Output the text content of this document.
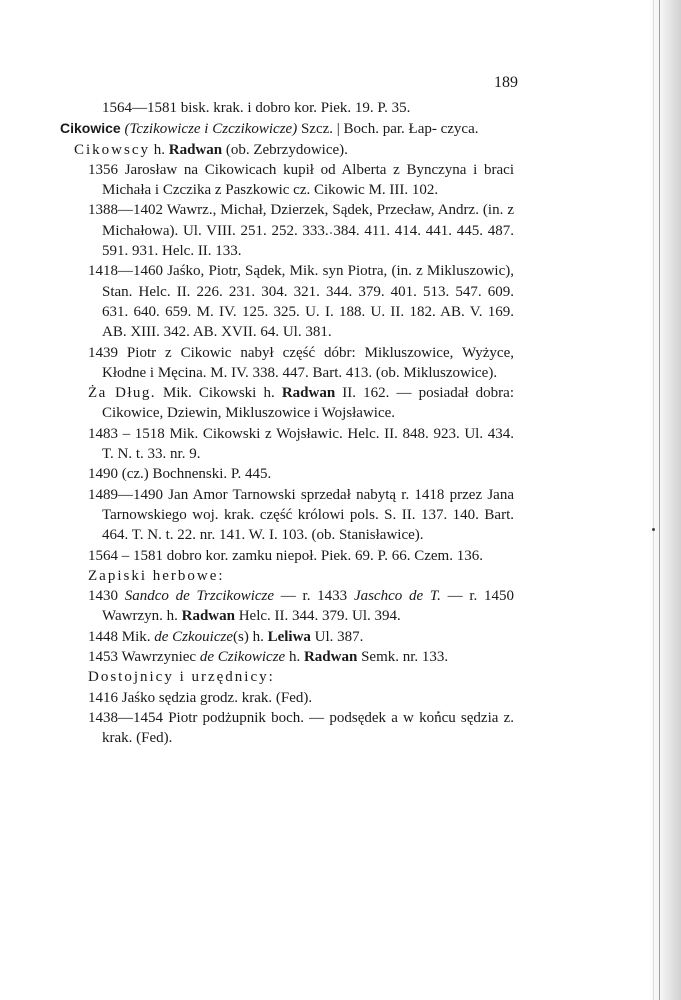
189
1564—1581 bisk. krak. i dobro kor. Piek. 19. P. 35.
Cikowice (Tczikowicze i Czczikowicze) Szcz. | Boch. par. Łap- czyca.
Cikowscy h. Radwan (ob. Zebrzydowice).
1356 Jarosław na Cikowicach kupił od Alberta z Bynczyna i braci Michała i Czczika z Paszkowic cz. Cikowic M. III. 102.
1388—1402 Wawrz., Michał, Dzierzek, Sądek, Przecław, Andrz. (in. z Michałowa). Ul. VIII. 251. 252. 333. 384. 411. 414. 441. 445. 487. 591. 931. Helc. II. 133.
1418—1460 Jaśko, Piotr, Sądek, Mik. syn Piotra, (in. z Mikluszowic), Stan. Helc. II. 226. 231. 304. 321. 344. 379. 401. 513. 547. 609. 631. 640. 659. M. IV. 125. 325. U. I. 188. U. II. 182. AB. V. 169. AB. XIII. 342. AB. XVII. 64. Ul. 381.
1439 Piotr z Cikowic nabył część dóbr: Mikluszowice, Wyżyce, Kłodne i Męcina. M. IV. 338. 447. Bart. 413. (ob. Mikluszowice).
Ża Dług. Mik. Cikowski h. Radwan II. 162. — posiadał dobra: Cikowice, Dziewin, Mikluszowice i Wojsławice.
1483 – 1518 Mik. Cikowski z Wojsławic. Helc. II. 848. 923. Ul. 434. T. N. t. 33. nr. 9.
1490 (cz.) Bochnenski. P. 445.
1489—1490 Jan Amor Tarnowski sprzedał nabytą r. 1418 przez Jana Tarnowskiego woj. krak. część królowi pols. S. II. 137. 140. Bart. 464. T. N. t. 22. nr. 141. W. I. 103. (ob. Stanisławice).
1564 – 1581 dobro kor. zamku niepoł. Piek. 69. P. 66. Czem. 136.
Zapiski herbowe:
1430 Sandco de Trzcikowicze — r. 1433 Jaschco de T. — r. 1450 Wawrzyn. h. Radwan Helc. II. 344. 379. Ul. 394.
1448 Mik. de Czkouicze(s) h. Leliwa Ul. 387.
1453 Wawrzyniec de Czikowicze h. Radwan Semk. nr. 133.
Dostojnicy i urzędnicy:
1416 Jaśko sędzia grodz. krak. (Fed).
1438—1454 Piotr podżupnik boch. — podsędek a w końcu sędzia z. krak. (Fed).
